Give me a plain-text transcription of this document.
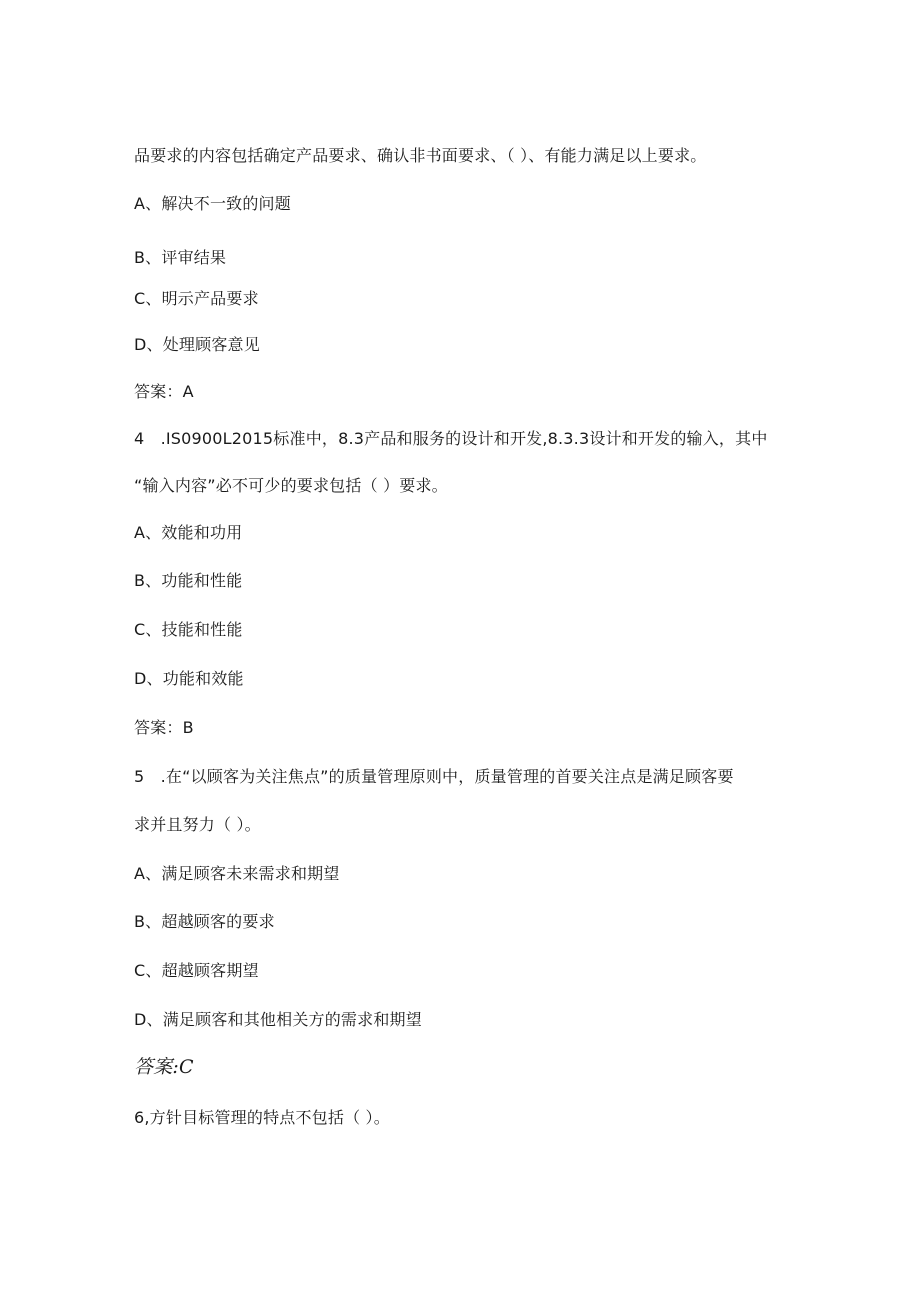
品要求的内容包括确定产品要求、确认非书面要求、（ ）、有能力满足以上要求。
A、解决不一致的问题
B、评审结果
C、明示产品要求
D、处理顾客意见
答案：A
4　.IS0900L2015标准中，8.3产品和服务的设计和开发,8.3.3设计和开发的输入，其中
“输入内容”必不可少的要求包括（ ）要求。
A、效能和功用
B、功能和性能
C、技能和性能
D、功能和效能
答案：B
5　.在“以顾客为关注焦点”的质量管理原则中，质量管理的首要关注点是满足顾客要
求并且努力（ ）。
A、满足顾客未来需求和期望
B、超越顾客的要求
C、超越顾客期望
D、满足顾客和其他相关方的需求和期望
答案:C
6,方针目标管理的特点不包括（ ）。
